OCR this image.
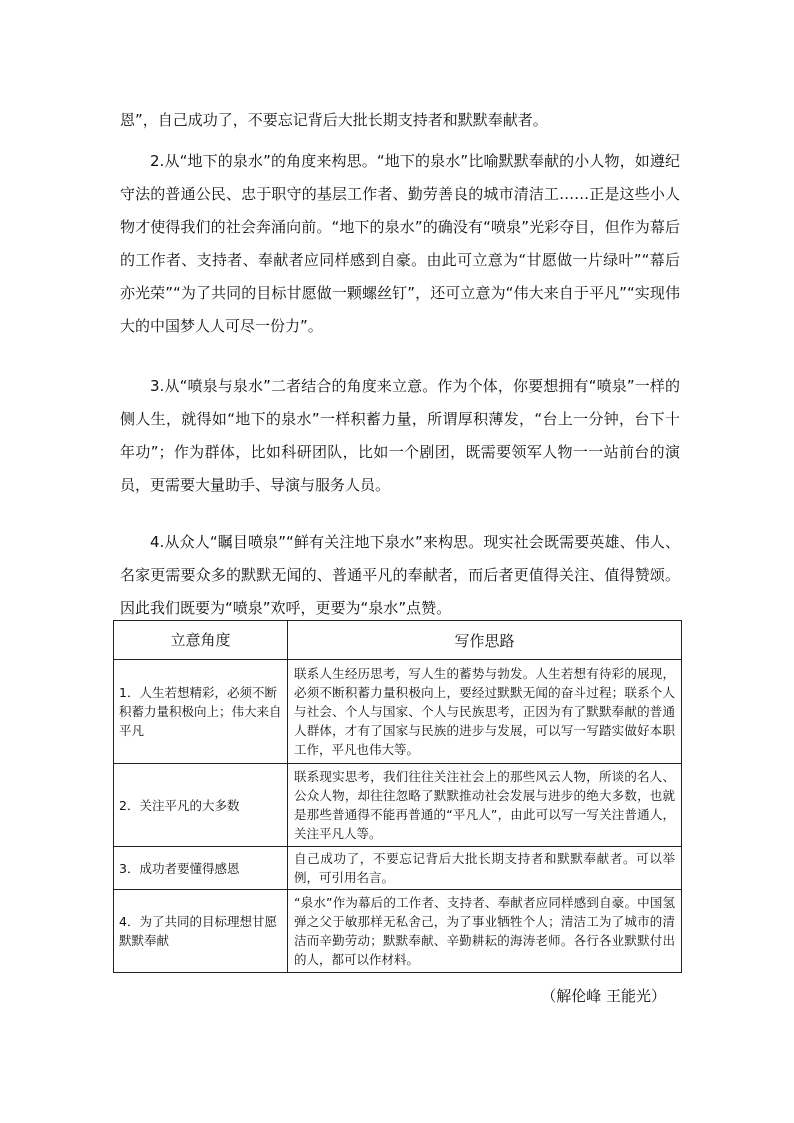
恩”，自己成功了，不要忘记背后大批长期支持者和默默奉献者。

2.从“地下的泉水”的角度来构思。“地下的泉水”比喻默默奉献的小人物，如遵纪守法的普通公民、忠于职守的基层工作者、勤劳善良的城市清洁工……正是这些小人物才使得我们的社会奔涌向前。“地下的泉水”的确没有“喷泉”光彩夺目，但作为幕后的工作者、支持者、奉献者应同样感到自豪。由此可立意为“甘愿做一片绿叶”“幕后亦光荣”“为了共同的目标甘愿做一颗螺丝钉”，还可立意为“伟大来自于平凡”“实现伟大的中国梦人人可尽一份力”。

3.从“喷泉与泉水”二者结合的角度来立意。作为个体，你要想拥有“喷泉”一样的侧人生，就得如“地下的泉水”一样积蓄力量，所谓厚积薄发，“台上一分钟，台下十年功”；作为群体，比如科研团队，比如一个剧团，既需要领军人物一一站前台的演员，更需要大量助手、导演与服务人员。

4.从众人“瞩目喷泉”“鲜有关注地下泉水”来构思。现实社会既需要英雄、伟人、名家更需要众多的默默无闻的、普通平凡的奉献者，而后者更值得关注、值得赞颂。因此我们既要为“喷泉”欢呼，更要为“泉水”点赞。

立意角度	写作思路
1．人生若想精彩，必须不断积蓄力量积极向上；伟大来自平凡	联系人生经历思考，写人生的蓄势与勃发。人生若想有待彩的展现，必须不断积蓄力量积极向上，要经过默默无闻的奋斗过程；联系个人与社会、个人与国家、个人与民族思考，正因为有了默默奉献的普通人群体，才有了国家与民族的进步与发展，可以写一写踏实做好本职工作，平凡也伟大等。
2．关注平凡的大多数	联系现实思考，我们往往关注社会上的那些风云人物，所谈的名人、公众人物，却往往忽略了默默推动社会发展与进步的绝大多数，也就是那些普通得不能再普通的“平凡人”，由此可以写一写关注普通人，关注平凡人等。
3．成功者要懂得感恩	自己成功了，不要忘记背后大批长期支持者和默默奉献者。可以举例，可引用名言。
4．为了共同的目标理想甘愿默默奉献	“泉水”作为幕后的工作者、支持者、奉献者应同样感到自豪。中国氢弹之父于敏那样无私舍己，为了事业牺牲个人；清洁工为了城市的清洁而辛勤劳动；默默奉献、辛勤耕耘的海涛老师。各行各业默默付出的人，都可以作材料。
（解伦峰 王能光）
